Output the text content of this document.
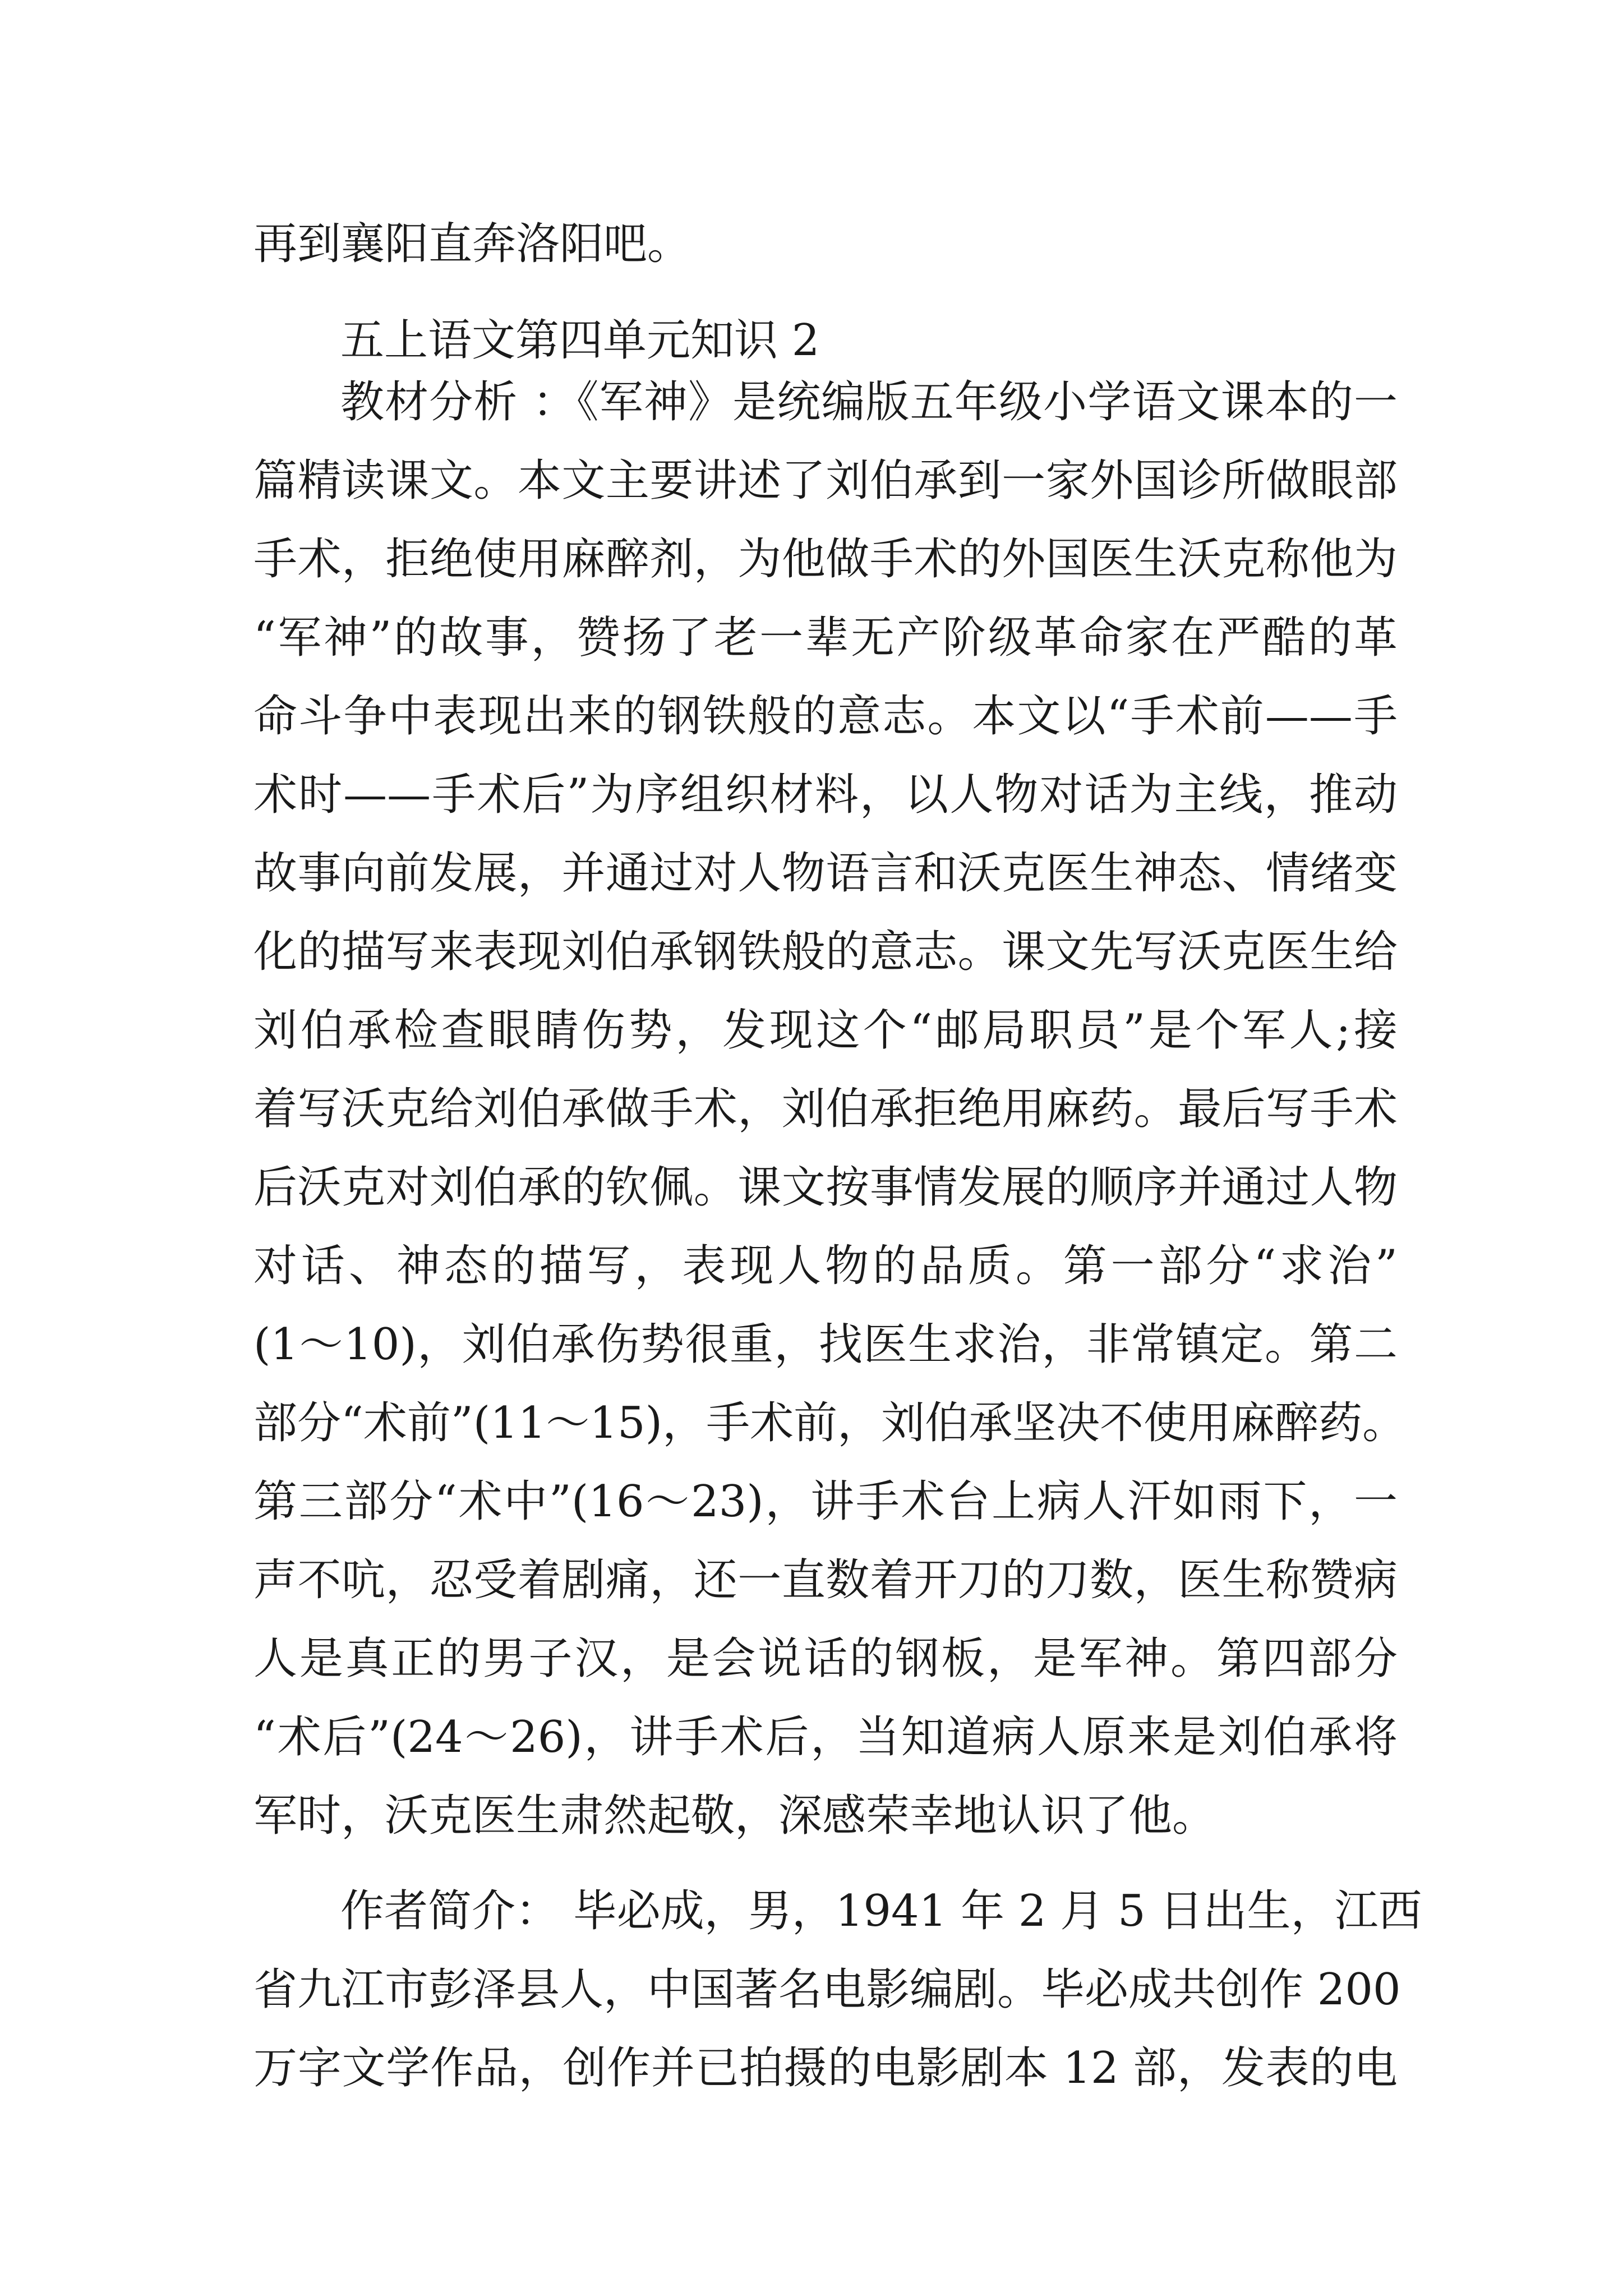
再到襄阳直奔洛阳吧。
五上语文第四单元知识 2
教材分析 ：《军神》是统编版五年级小学语文课本的一
篇精读课文。本文主要讲述了刘伯承到一家外国诊所做眼部
手术，拒绝使用麻醉剂，为他做手术的外国医生沃克称他为
“军神”的故事，赞扬了老一辈无产阶级革命家在严酷的革
命斗争中表现出来的钢铁般的意志。本文以“手术前——手
术时——手术后”为序组织材料，以人物对话为主线，推动
故事向前发展，并通过对人物语言和沃克医生神态、情绪变
化的描写来表现刘伯承钢铁般的意志。课文先写沃克医生给
刘伯承检查眼睛伤势，发现这个“邮局职员”是个军人;接
着写沃克给刘伯承做手术，刘伯承拒绝用麻药。最后写手术
后沃克对刘伯承的钦佩。课文按事情发展的顺序并通过人物
对话、神态的描写，表现人物的品质。第一部分“求治”
(1～10)，刘伯承伤势很重，找医生求治，非常镇定。第二
部分“术前”(11～15)，手术前，刘伯承坚决不使用麻醉药。
第三部分“术中”(16～23)，讲手术台上病人汗如雨下，一
声不吭，忍受着剧痛，还一直数着开刀的刀数，医生称赞病
人是真正的男子汉，是会说话的钢板，是军神。第四部分
“术后”(24～26)，讲手术后，当知道病人原来是刘伯承将
军时，沃克医生肃然起敬，深感荣幸地认识了他。
作者简介： 毕必成，男，1941 年 2 月 5 日出生，江西
省九江市彭泽县人，中国著名电影编剧。毕必成共创作 200
万字文学作品，创作并已拍摄的电影剧本 12 部，发表的电
